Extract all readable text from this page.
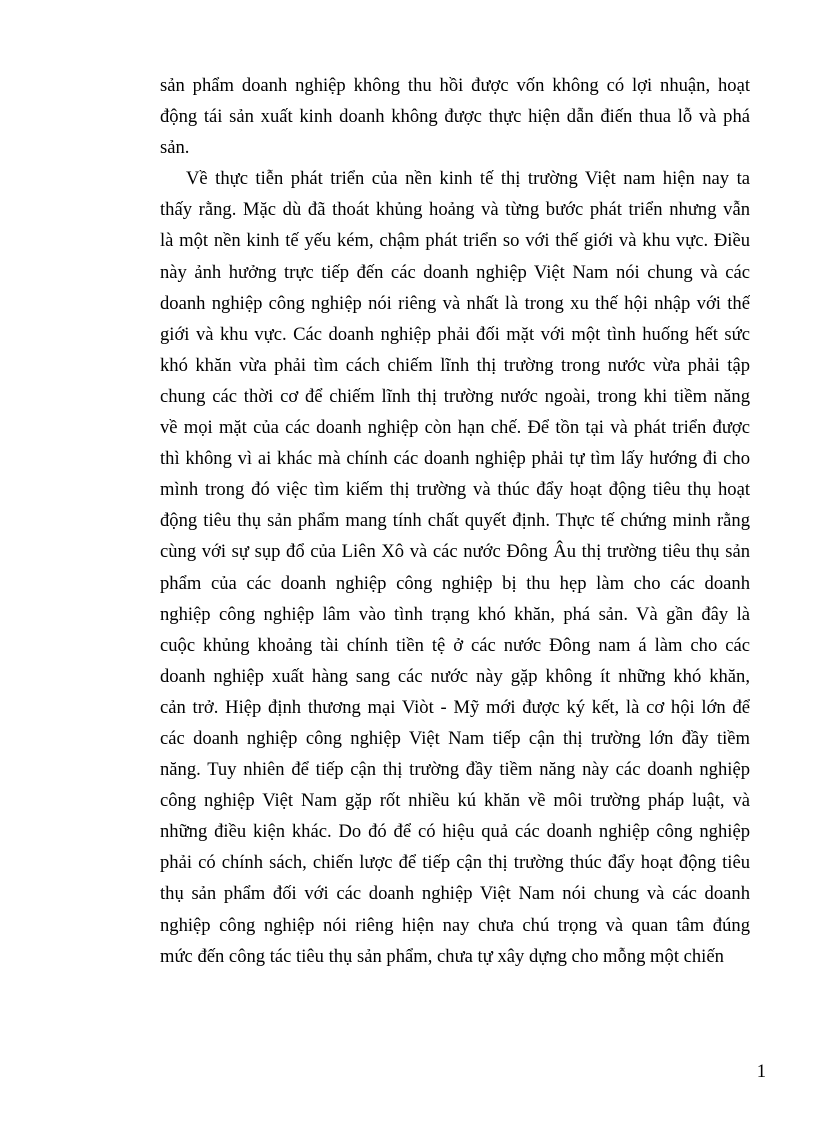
sản phẩm doanh nghiệp không thu hồi được vốn không có lợi nhuận, hoạt
động tái sản xuất kinh doanh không được thực hiện dẫn điến thua lỗ và phá
sản.
Về thực tiễn phát triển của nền kinh tế thị trường Việt nam hiện nay ta
thấy rằng. Mặc dù đã thoát khủng hoảng và từng bước phát triển nhưng vẫn
là một nền kinh tế yếu kém, chậm phát triển so với thế giới và khu vực. Điều
này ảnh hưởng trực tiếp đến các doanh nghiệp Việt Nam nói chung và các
doanh nghiệp công nghiệp nói riêng và nhất là trong xu thế hội nhập với thế
giới và khu vực. Các doanh nghiệp phải đối mặt với một tình huống hết sức
khó khăn vừa phải tìm cách chiếm lĩnh thị trường trong nước vừa phải tập
chung các thời cơ để chiếm lĩnh thị trường nước ngoài, trong khi tiềm năng
về mọi mặt của các doanh nghiệp còn hạn chế. Để tồn tại và phát triển được
thì không vì ai khác mà chính các doanh nghiệp phải tự tìm lấy hướng đi cho
mình trong đó việc tìm kiếm thị trường và thúc đẩy hoạt động tiêu thụ hoạt
động tiêu thụ sản phẩm mang tính chất quyết định. Thực tế chứng minh rằng
cùng với sự sụp đổ của Liên Xô và các nước Đông Âu thị trường tiêu thụ sản
phẩm của các doanh nghiệp công nghiệp bị thu hẹp làm cho các doanh
nghiệp công nghiệp lâm vào tình trạng khó khăn, phá sản. Và gần đây là
cuộc khủng khoảng tài chính tiền tệ ở các nước Đông nam á làm cho các
doanh nghiệp xuất hàng sang các nước này gặp không ít những khó khăn,
cản trở. Hiệp định thương mại Viòt - Mỹ mới được ký kết, là cơ hội lớn để
các doanh nghiệp công nghiệp Việt Nam tiếp cận thị trường lớn đầy tiềm
năng. Tuy nhiên để tiếp cận thị trường đầy tiềm năng này các doanh nghiệp
công nghiệp Việt Nam gặp rốt nhiều kú khăn về môi trường pháp luật, và
những điều kiện khác. Do đó để có hiệu quả các doanh nghiệp công nghiệp
phải có chính sách, chiến lược để tiếp cận thị trường thúc đẩy hoạt động tiêu
thụ sản phẩm đối với các doanh nghiệp Việt Nam nói chung và các doanh
nghiệp công nghiệp nói riêng hiện nay chưa chú trọng và quan tâm đúng
mức đến công tác tiêu thụ sản phẩm, chưa tự xây dựng cho mỗng một chiến
1
